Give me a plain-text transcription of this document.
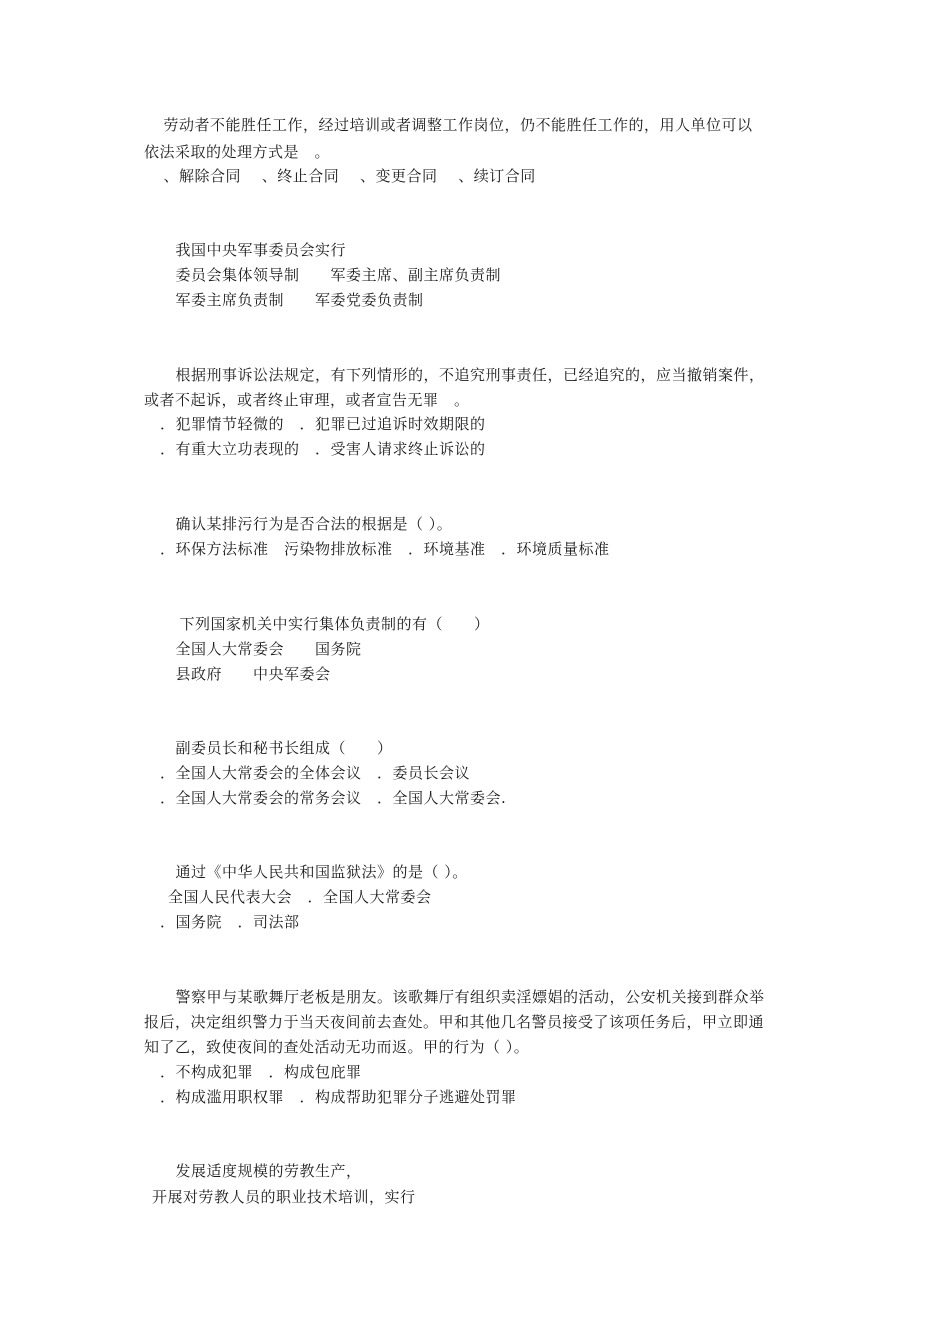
　劳动者不能胜任工作，经过培训或者调整工作岗位，仍不能胜任工作的，用人单位可以
依法采取的处理方式是　。
　、解除合同　 、终止合同　 、变更合同　 、续订合同
　我国中央军事委员会实行
　委员会集体领导制　　军委主席、副主席负责制
　军委主席负责制　　军委党委负责制
　根据刑事诉讼法规定，有下列情形的，不追究刑事责任，已经追究的，应当撤销案件，
或者不起诉，或者终止审理，或者宣告无罪　。
．犯罪情节轻微的　．犯罪已过追诉时效期限的
．有重大立功表现的　．受害人请求终止诉讼的
　确认某排污行为是否合法的根据是（ ）。
．环保方法标准　污染物排放标准　．环境基准　．环境质量标准
　下列国家机关中实行集体负责制的有（　　）
　全国人大常委会　　国务院
　县政府　　中央军委会
　副委员长和秘书长组成（　　）
．全国人大常委会的全体会议　．委员长会议
．全国人大常委会的常务会议　．全国人大常委会.
　通过《中华人民共和国监狱法》的是（ ）。
全国人民代表大会　．全国人大常委会
．国务院　．司法部
　警察甲与某歌舞厅老板是朋友。该歌舞厅有组织卖淫嫖娼的活动，公安机关接到群众举
报后，决定组织警力于当天夜间前去查处。甲和其他几名警员接受了该项任务后，甲立即通
知了乙，致使夜间的查处活动无功而返。甲的行为（ ）。
．不构成犯罪　．构成包庇罪
．构成滥用职权罪　．构成帮助犯罪分子逃避处罚罪
　发展适度规模的劳教生产，
开展对劳教人员的职业技术培训，实行
